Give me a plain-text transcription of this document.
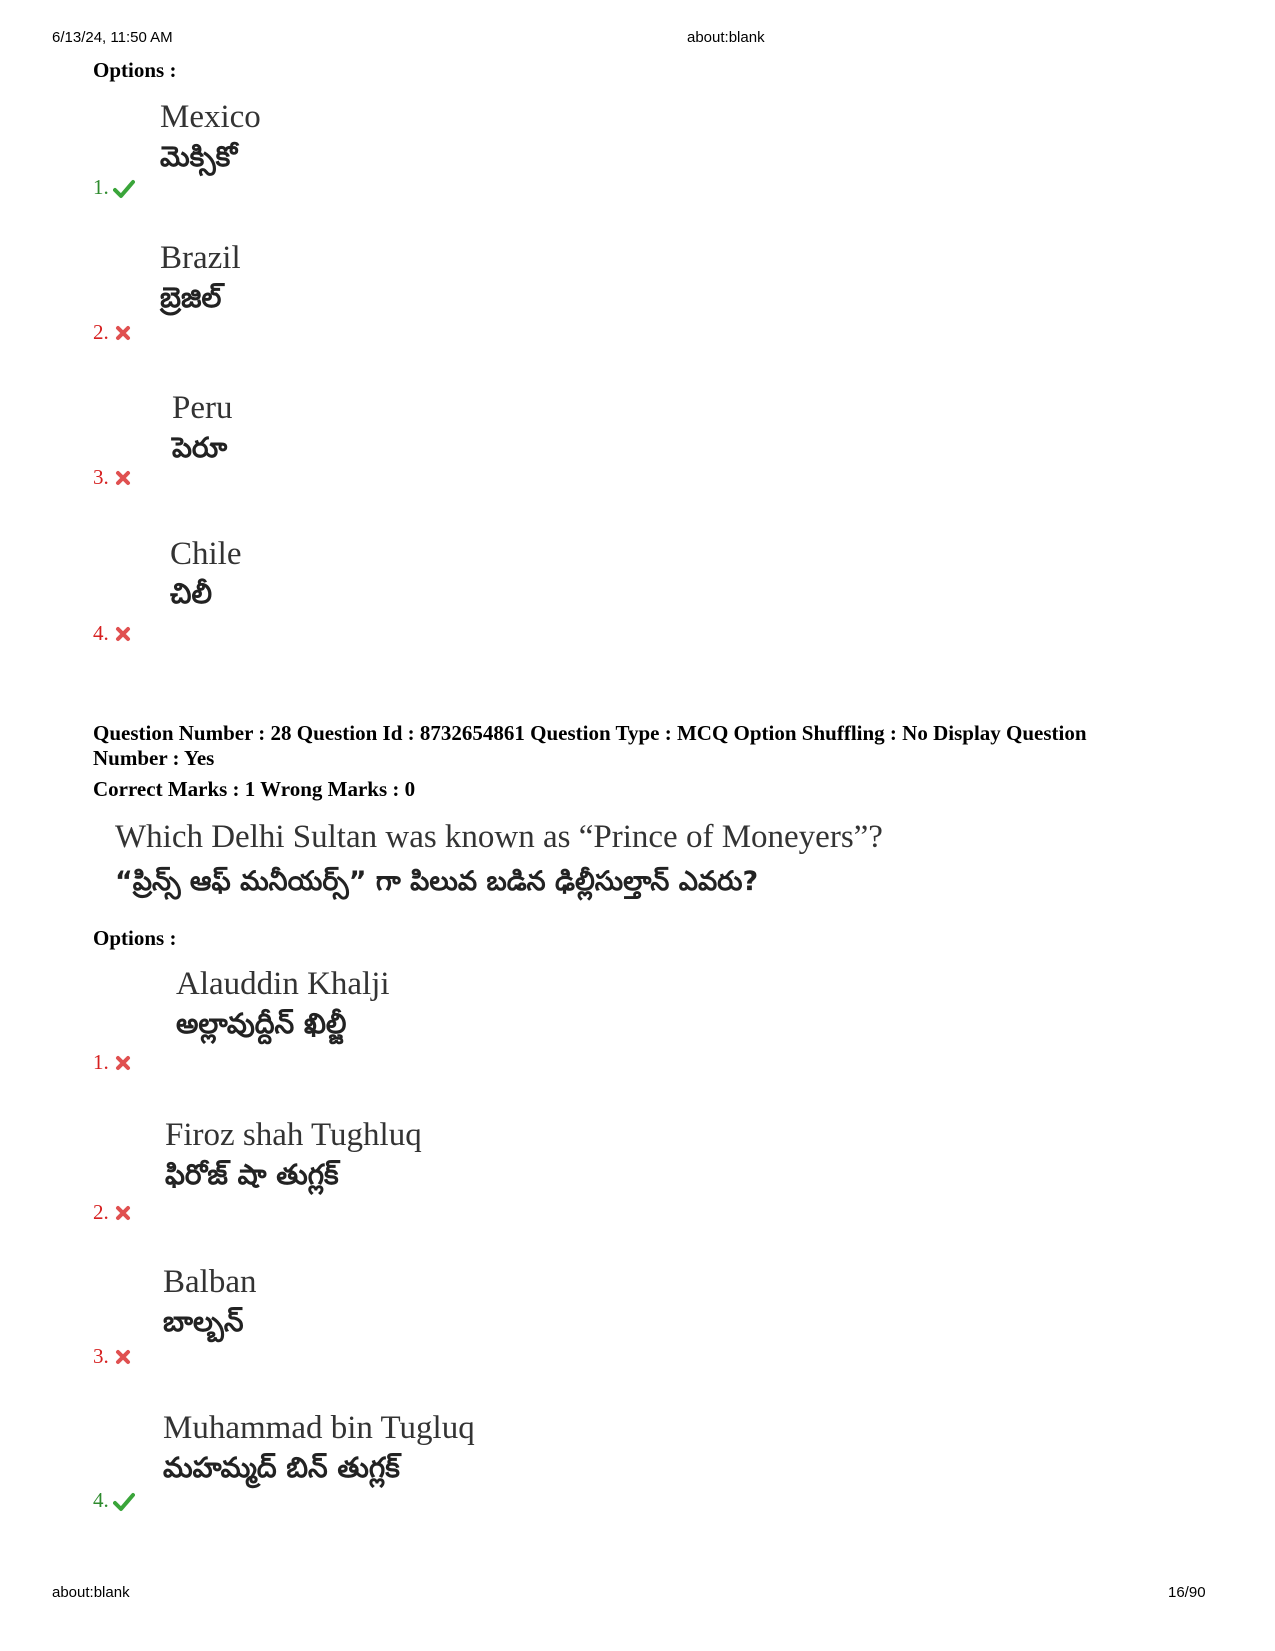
6/13/24, 11:50 AM	about:blank
Options :
Mexico
మెక్సికో
1.
Brazil
బ్రెజిల్
2.
Peru
పెరూ
3.
Chile
చిలీ
4.
Question Number : 28 Question Id : 8732654861 Question Type : MCQ Option Shuffling : No Display Question
Number : Yes
Correct Marks : 1 Wrong Marks : 0
Which Delhi Sultan was known as “Prince of Moneyers”?
“ప్రిన్స్ ఆఫ్ మనీయర్స్” గా పిలువ బడిన ఢిల్లీసుల్తాన్ ఎవరు?
Options :
Alauddin Khalji
అల్లావుద్దీన్ ఖిల్జీ
1.
Firoz shah Tughluq
ఫిరోజ్ షా తుగ్లక్
2.
Balban
బాల్బన్
3.
Muhammad bin Tugluq
మహమ్మద్ బిన్ తుగ్లక్
4.
about:blank	16/90
